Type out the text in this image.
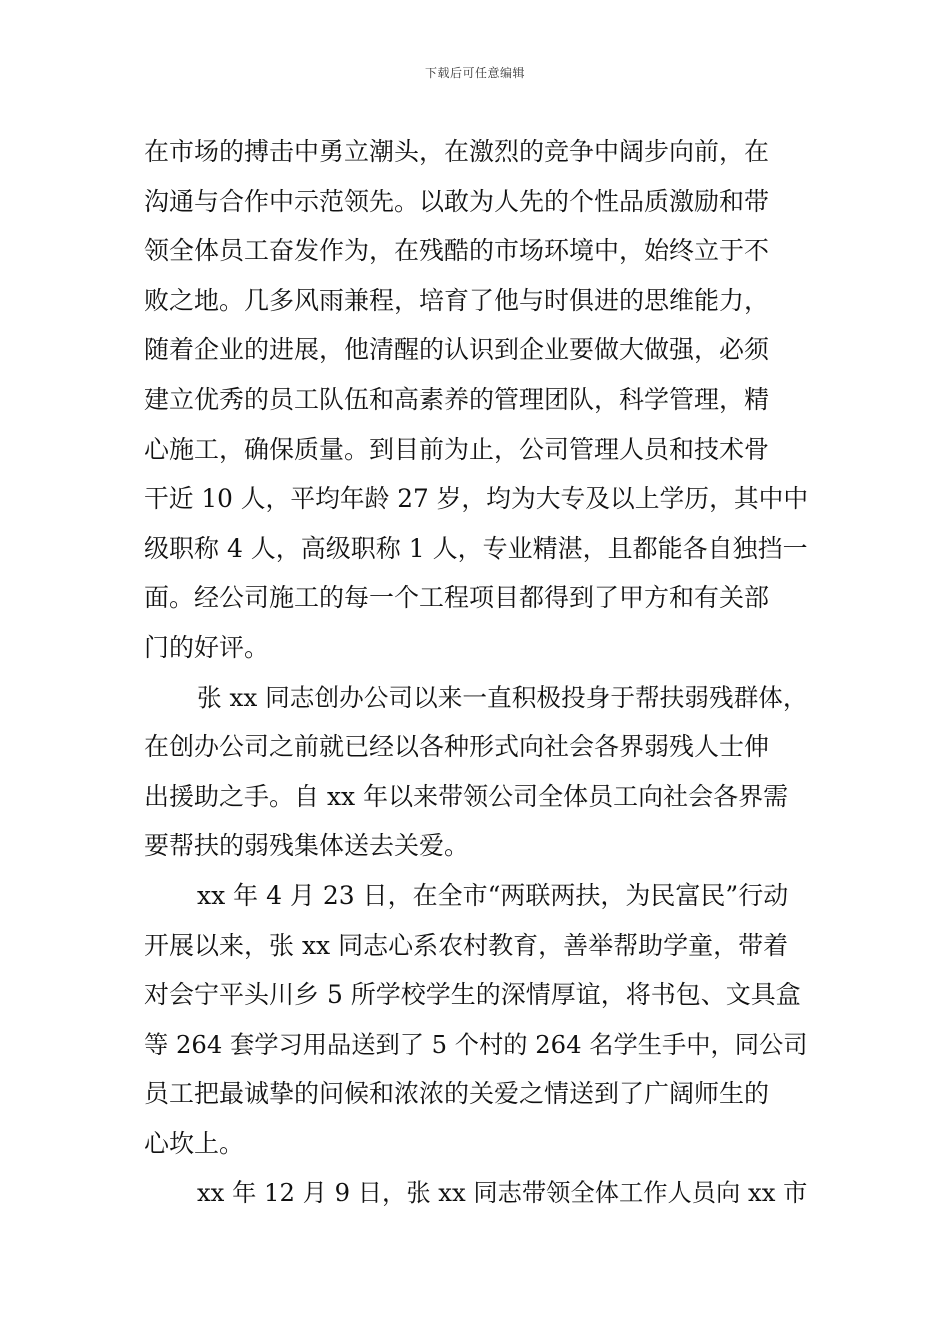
下载后可任意编辑
在市场的搏击中勇立潮头，在激烈的竞争中阔步向前，在
沟通与合作中示范领先。以敢为人先的个性品质激励和带
领全体员工奋发作为，在残酷的市场环境中，始终立于不
败之地。几多风雨兼程，培育了他与时俱进的思维能力，
随着企业的进展，他清醒的认识到企业要做大做强，必须
建立优秀的员工队伍和高素养的管理团队，科学管理，精
心施工，确保质量。到目前为止，公司管理人员和技术骨
干近 10 人，平均年龄 27 岁，均为大专及以上学历，其中中
级职称 4 人，高级职称 1 人，专业精湛，且都能各自独挡一
面。经公司施工的每一个工程项目都得到了甲方和有关部
门的好评。
张 xx 同志创办公司以来一直积极投身于帮扶弱残群体，
在创办公司之前就已经以各种形式向社会各界弱残人士伸
出援助之手。自 xx 年以来带领公司全体员工向社会各界需
要帮扶的弱残集体送去关爱。
xx 年 4 月 23 日，在全市“两联两扶，为民富民”行动
开展以来，张 xx 同志心系农村教育，善举帮助学童，带着
对会宁平头川乡 5 所学校学生的深情厚谊，将书包、文具盒
等 264 套学习用品送到了 5 个村的 264 名学生手中，同公司
员工把最诚挚的问候和浓浓的关爱之情送到了广阔师生的
心坎上。
xx 年 12 月 9 日，张 xx 同志带领全体工作人员向 xx 市
